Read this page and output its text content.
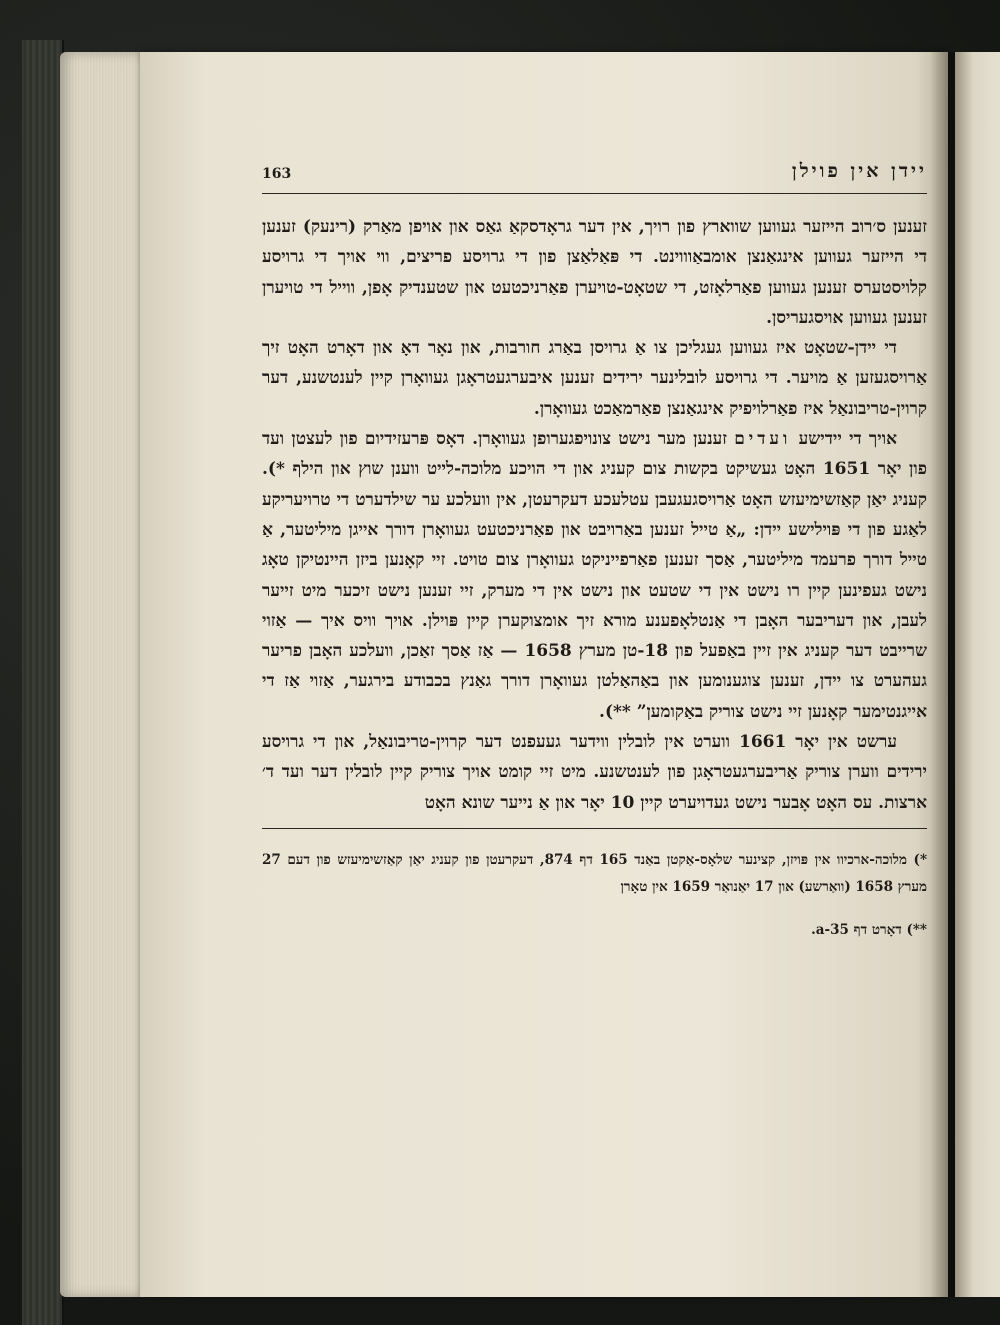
יידן אין פוילן
163

זענען ס׳רוב הייזער געווען שווארץ פון רויך, אין דער גראָדסקאַ גאַס און אויפן מאַרק (רינעק) זענען די הייזער געווען אינגאַנצן אומבאַוווינט. די פּאַלאַצן פון די גרויסע פריצים, ווי אויך די גרויסע קלויסטערס זענען געווען פאַרלאָזט, די שטאָט-טויערן פאַרניכטעט און שטענדיק אָפן, ווייל די טויערן זענען געווען אויסגעריסן.

די יידן-שטאָט איז געווען געגליכן צו אַ גרויסן באַרג חורבות, און נאָר דאָ און דאָרט האָט זיך אַרויסגעזען אַ מויער. די גרויסע לובלינער ירידים זענען איבערגעטראָגן געוואָרן קיין לענטשנע, דער קרוין-טריבונאַל איז פאַרלויפיק אינגאַנצן פאַרמאַכט געוואָרן.

אויך די יידישע ועדים זענען מער נישט צונויפגערופן געוואָרן. דאָס פּרעזידיום פון לעצטן ועד פון יאָר 1651 האָט געשיקט בקשות צום קעניג און די הויכע מלוכה-לייט ווענן שוץ און הילף *). קעניג יאַן קאַזשימיעזש האָט אַרויסגעגעבן עטלעכע דעקרעטן, אין וועלכע ער שילדערט די טרויעריקע לאַגע פון די פּוילישע יידן: „אַ טייל זענען באַרויבט און פאַרניכטעט געוואָרן דורך אייגן מיליטער, אַ טייל דורך פרעמד מיליטער, אַסך זענען פאַרפייניקט געוואָרן צום טויט. זיי קאָנען ביזן היינטיקן טאָג נישט געפינען קיין רו נישט אין די שטעט און נישט אין די מערק, זיי זענען נישט זיכער מיט זייער לעבן, און דעריבער האָבן די אַנטלאָפענע מורא זיך אומצוקערן קיין פּוילן. אויך וויס איך — אַזוי שרייבט דער קעניג אין זיין באַפעל פון 18-טן מערץ 1658 — אַז אַסך זאַכן, וועלכע האָבן פריער געהערט צו יידן, זענען צוגענומען און באַהאַלטן געוואָרן דורך גאַנץ בכבודע בירגער, אַזוי אַז די אייגנטימער קאָנען זיי נישט צוריק באַקומען” **).

ערשט אין יאָר 1661 ווערט אין לובלין ווידער געעפנט דער קרוין-טריבונאַל, און די גרויסע ירידים ווערן צוריק אַריבערגעטראָגן פון לענטשנע. מיט זיי קומט אויך צוריק קיין לובלין דער ועד ד׳ ארצות. עס האָט אָבער נישט געדויערט קיין 10 יאָר און אַ נייער שונא האָט

*) מלוכה-ארכיוו אין פּויזן, קצינער שלאָס-אַקטן באַנד 165 דף 874, דעקרעטן פון קעניג יאַן קאַזשימיעזש פון דעם 27 מערץ 1658 (וואַרשע) און 17 יאַנואַר 1659 אין טאָרן

**) דאָרט דף 35-a.
